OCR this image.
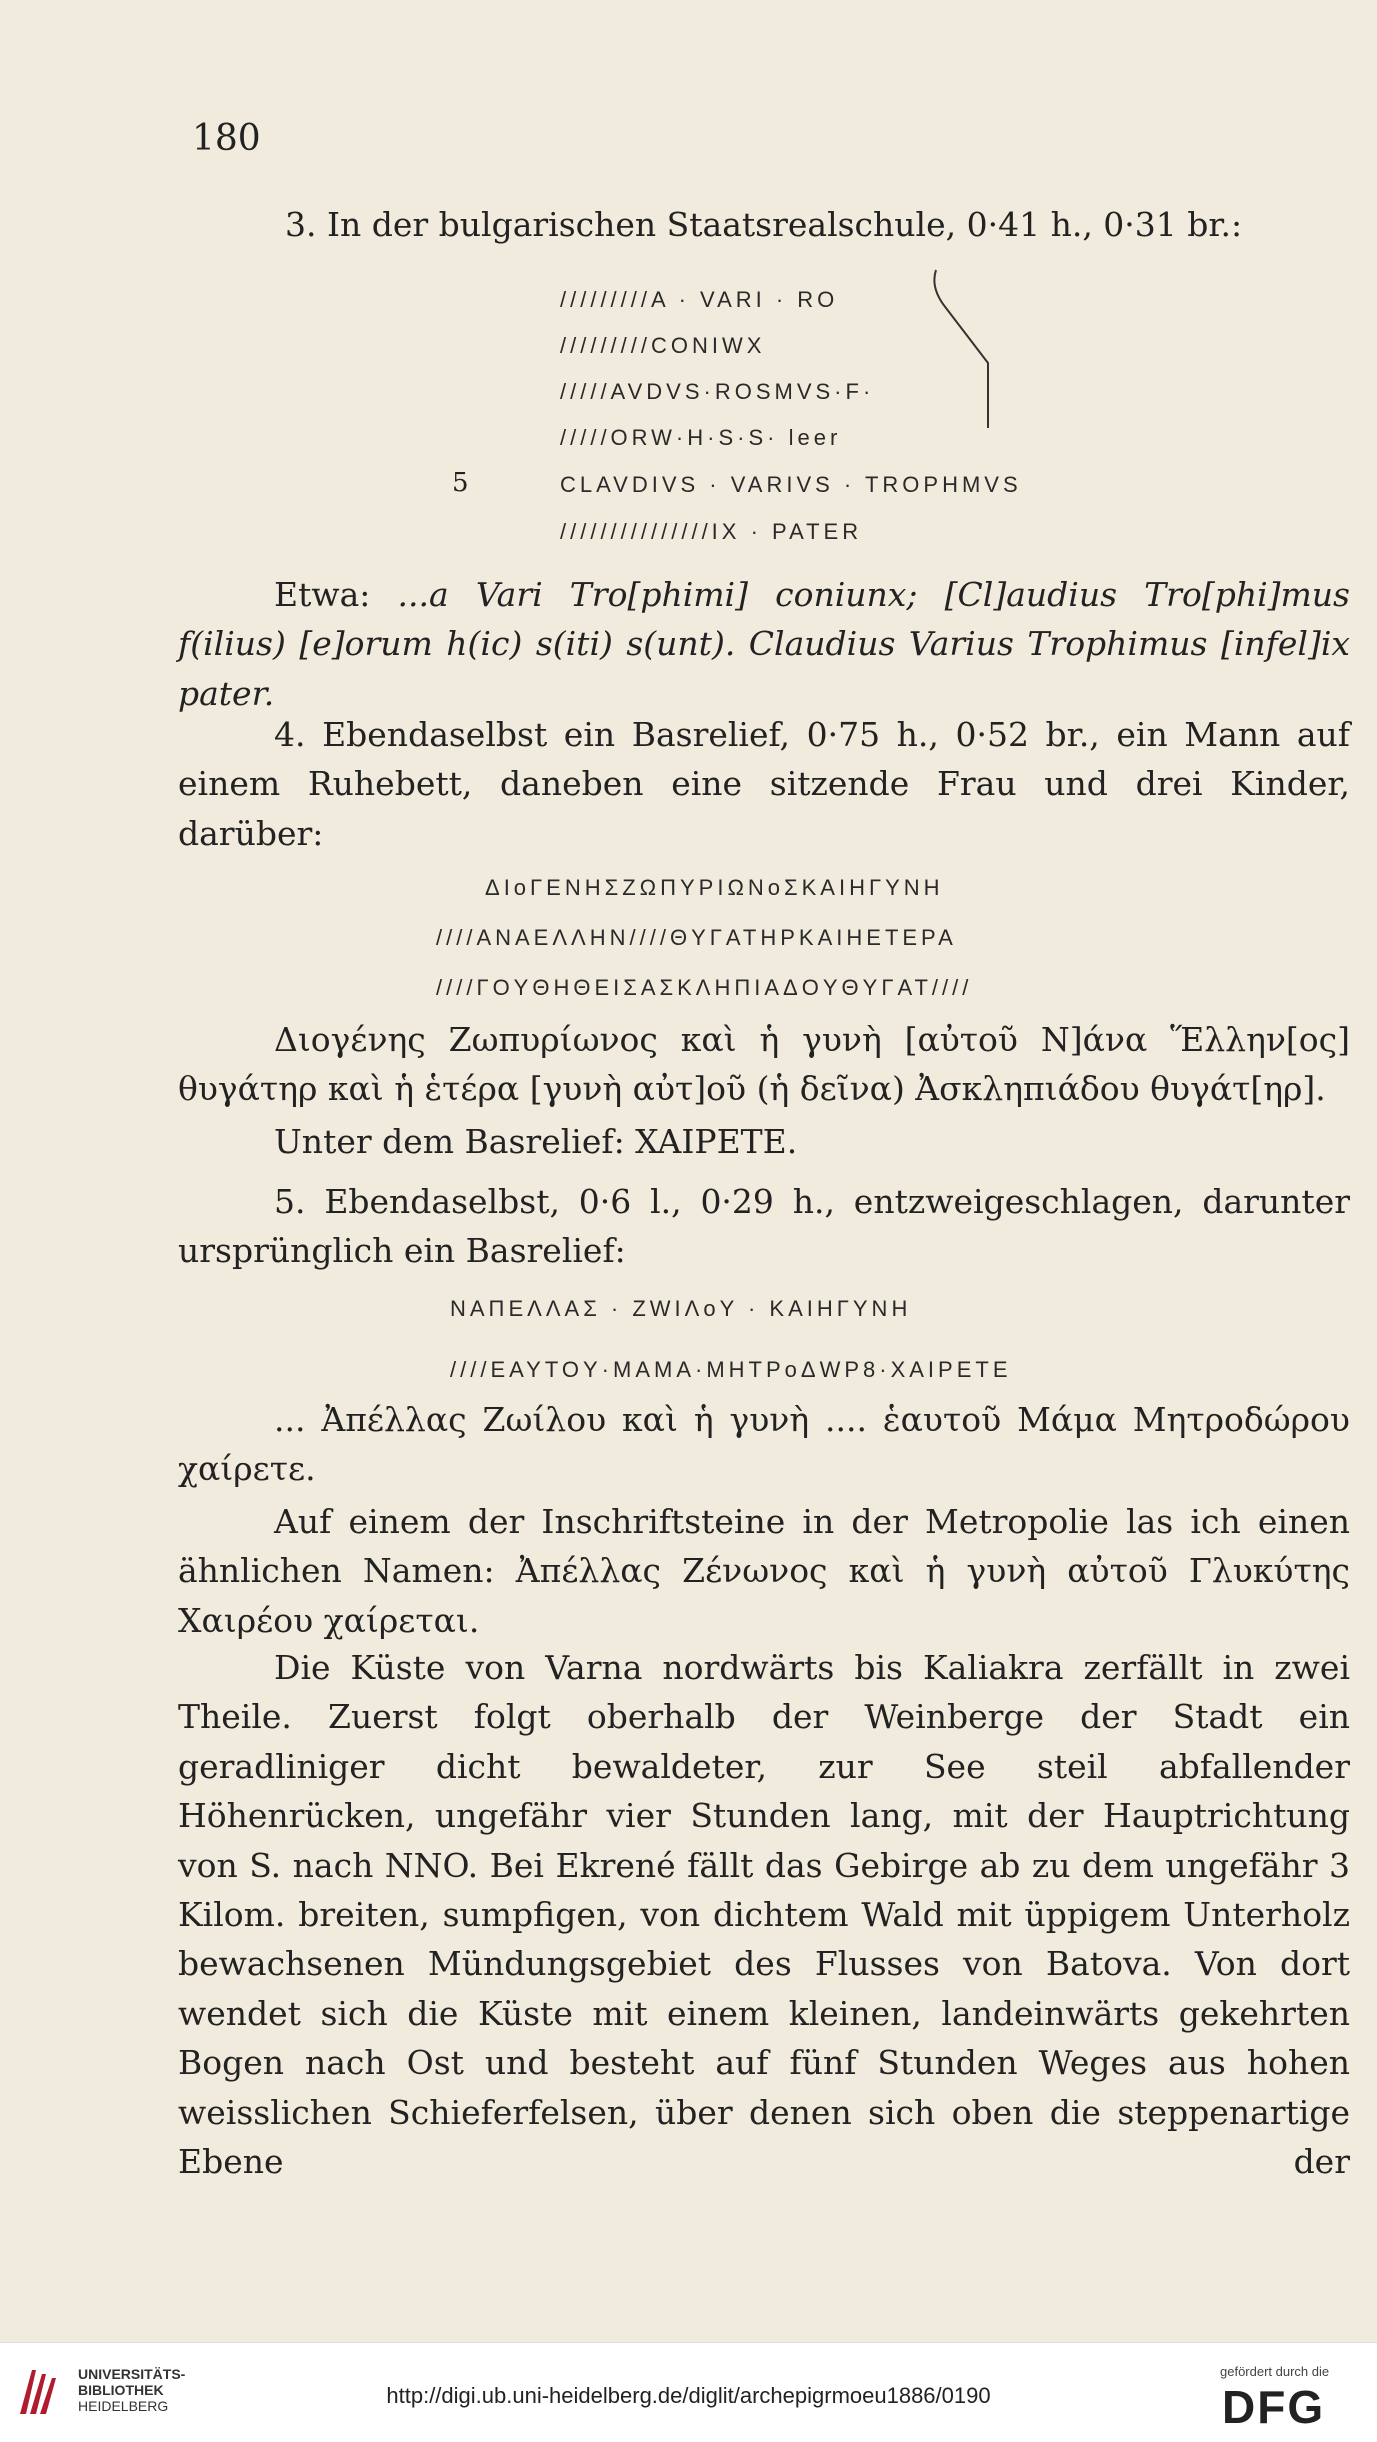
180

3. In der bulgarischen Staatsrealschule, 0·41 h., 0·31 br.:

/////////A · VARI · RO
/////////CONIWX
/////AVDVS·ROSMVS·F·
/////ORW·H·S·S· leer
5	CLAVDIVS · VARIVS · TROPHMVS
///////////////IX · PATER

Etwa: ...a Vari Tro[phimi] coniunx; [Cl]audius Tro[phi]mus f(ilius) [e]orum h(ic) s(iti) s(unt). Claudius Varius Trophimus [infel]ix pater.

4. Ebendaselbst ein Basrelief, 0·75 h., 0·52 br., ein Mann auf einem Ruhebett, daneben eine sitzende Frau und drei Kinder, darüber:

ΔIoΓENHΣZΩΠYPIΩNoΣKAIHΓYNH
////ANAEΛΛHN////ΘYΓATHPKAIHETEPA
////ΓOYΘHΘEIΣAΣKΛHΠIAΔOYΘYΓAT////

Διογένης Ζωπυρίωνος καὶ ἡ γυνὴ [αὐτοῦ Ν]άνα Ἕλλην[ος] θυγάτηρ καὶ ἡ ἑτέρα [γυνὴ αὐτ]οῦ (ἡ δεῖνα) Ἀσκληπιάδου θυγάτ[ηρ].

Unter dem Basrelief: XAIPETE.

5. Ebendaselbst, 0·6 l., 0·29 h., entzweigeschlagen, darunter ursprünglich ein Basrelief:

NAΠEΛΛAΣ · ZWIΛoY · KAIHΓYNH
////EAYTOY·MAMA·MHTPoΔWP8·XAIPETE

... Ἀπέλλας Ζωίλου καὶ ἡ γυνὴ .... ἑαυτοῦ Μάμα Μητροδώρου χαίρετε.

Auf einem der Inschriftsteine in der Metropolie las ich einen ähnlichen Namen: Ἀπέλλας Ζένωνος καὶ ἡ γυνὴ αὐτοῦ Γλυκύτης Χαιρέου χαίρεται.

Die Küste von Varna nordwärts bis Kaliakra zerfällt in zwei Theile. Zuerst folgt oberhalb der Weinberge der Stadt ein geradliniger dicht bewaldeter, zur See steil abfallender Höhenrücken, ungefähr vier Stunden lang, mit der Hauptrichtung von S. nach NNO. Bei Ekrené fällt das Gebirge ab zu dem ungefähr 3 Kilom. breiten, sumpfigen, von dichtem Wald mit üppigem Unterholz bewachsenen Mündungsgebiet des Flusses von Batova. Von dort wendet sich die Küste mit einem kleinen, landeinwärts gekehrten Bogen nach Ost und besteht auf fünf Stunden Weges aus hohen weisslichen Schieferfelsen, über denen sich oben die steppenartige Ebene der

UNIVERSITÄTS-
BIBLIOTHEK
HEIDELBERG	http://digi.ub.uni-heidelberg.de/diglit/archepigrmoeu1886/0190
gefördert durch die
DFG
